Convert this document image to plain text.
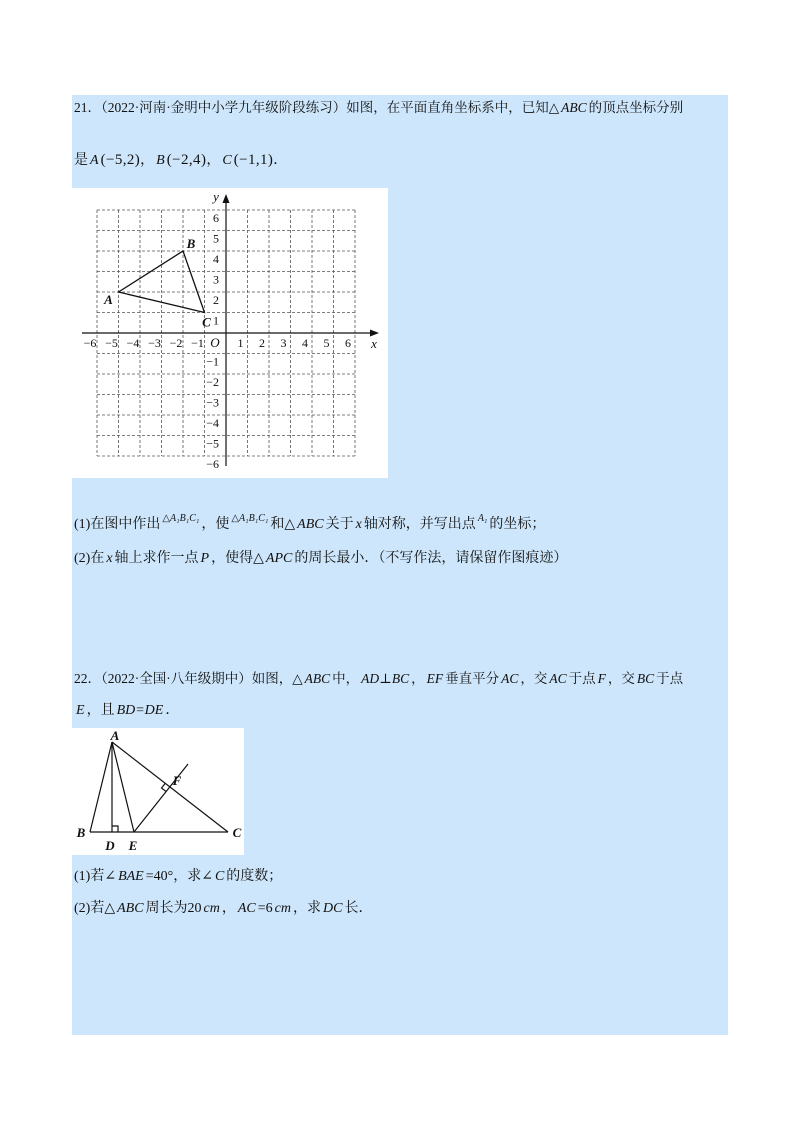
21．（2022·河南·金明中小学九年级阶段练习）如图，在平面直角坐标系中，已知△ ABC 的顶点坐标分别
是 A (−5,2)， B (−2,4)， C (−1,1)．
−6 −5 −4 −3 −2 −1	1 2 3 4 5 6
−6
−5
−4
−3
−2
−1
1
2
3
4
5
6
O	x
y
A
B
C
(1)在图中作出 $^{\triangle A_1B_1C_1}$ ，使 $^{\triangle A_1B_1C_1}$ 和△ ABC 关于 x 轴对称，并写出点 $^{A_1}$ 的坐标；
(2)在 x 轴上求作一点 P ，使得△ APC 的周长最小．（不写作法，请保留作图痕迹）
22．（2022·全国·八年级期中）如图，△ ABC 中， AD⊥BC ， EF 垂直平分 AC ，交 AC 于点 F ，交 BC 于点
E ，且 BD=DE ．
A
B	C
D E
F
(1)若∠ BAE =40°，求∠ C 的度数；
(2)若△ ABC 周长为20 cm ， AC =6 cm ，求 DC 长．
